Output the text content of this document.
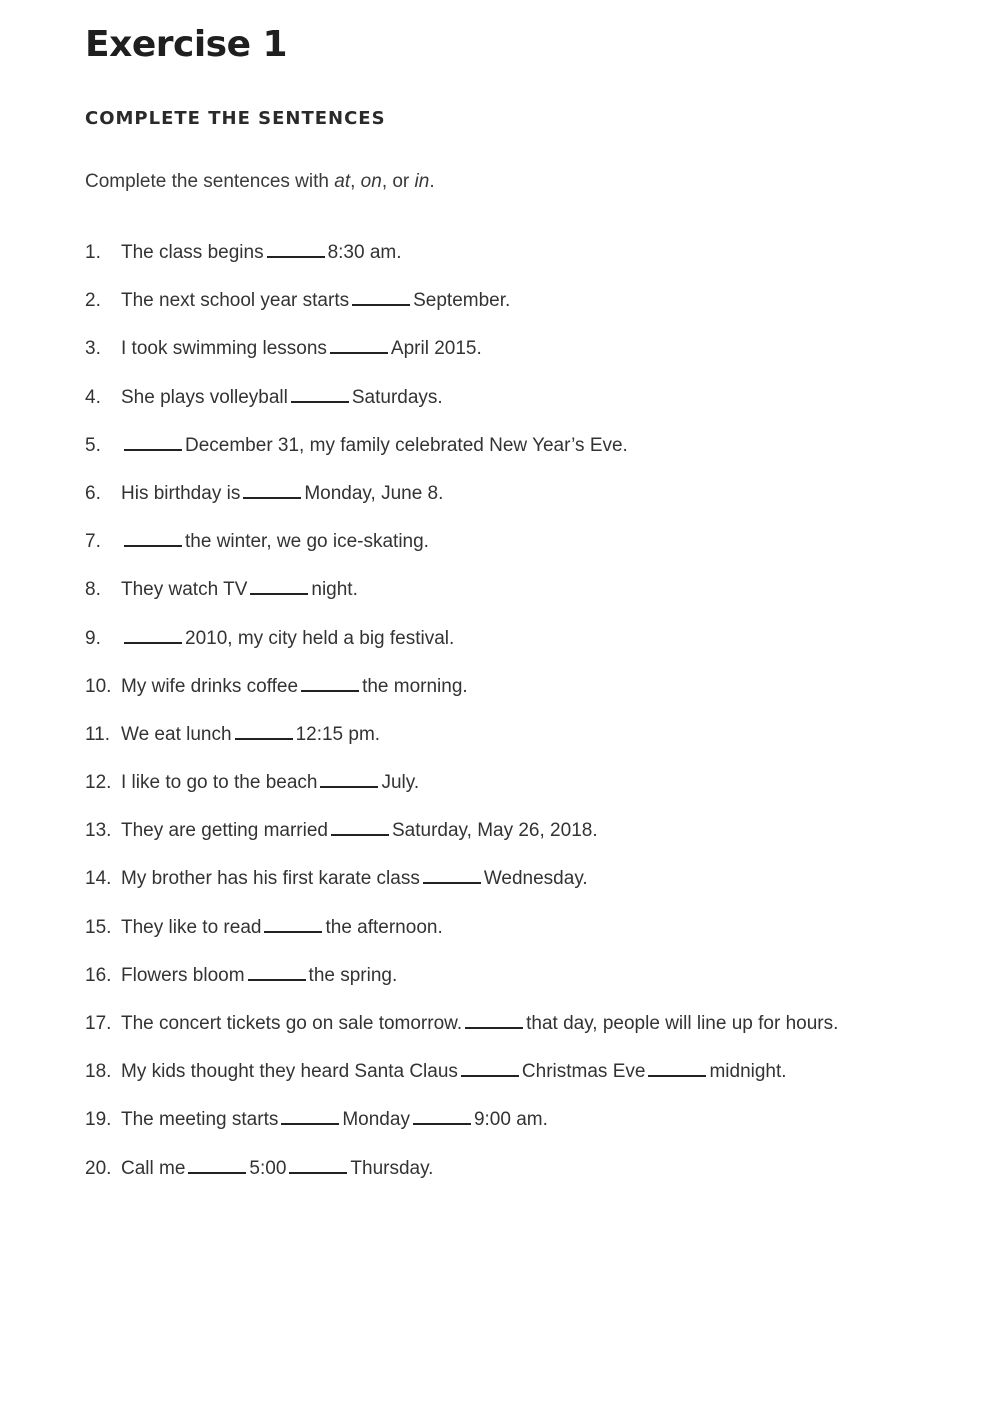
Exercise 1
COMPLETE THE SENTENCES

Complete the sentences with at, on, or in.

1.	The class begins	8:30 am.
2.	The next school year starts	September.
3.	I took swimming lessons	April 2015.
4.	She plays volleyball	Saturdays.
5.	December 31, my family celebrated New Year’s Eve.
6.	His birthday is	Monday, June 8.
7.	the winter, we go ice-skating.
8.	They watch TV	night.
9.	2010, my city held a big festival.
10. My wife drinks coffee	the morning.
11. We eat lunch	12:15 pm.
12. I like to go to the beach	July.
13. They are getting married	Saturday, May 26, 2018.
14. My brother has his first karate class	Wednesday.
15. They like to read	the afternoon.
16. Flowers bloom	the spring.
17. The concert tickets go on sale tomorrow.	that day, people will line up for hours.
18. My kids thought they heard Santa Claus	Christmas Eve	midnight.
19. The meeting starts	Monday	9:00 am.
20. Call me	5:00	Thursday.
